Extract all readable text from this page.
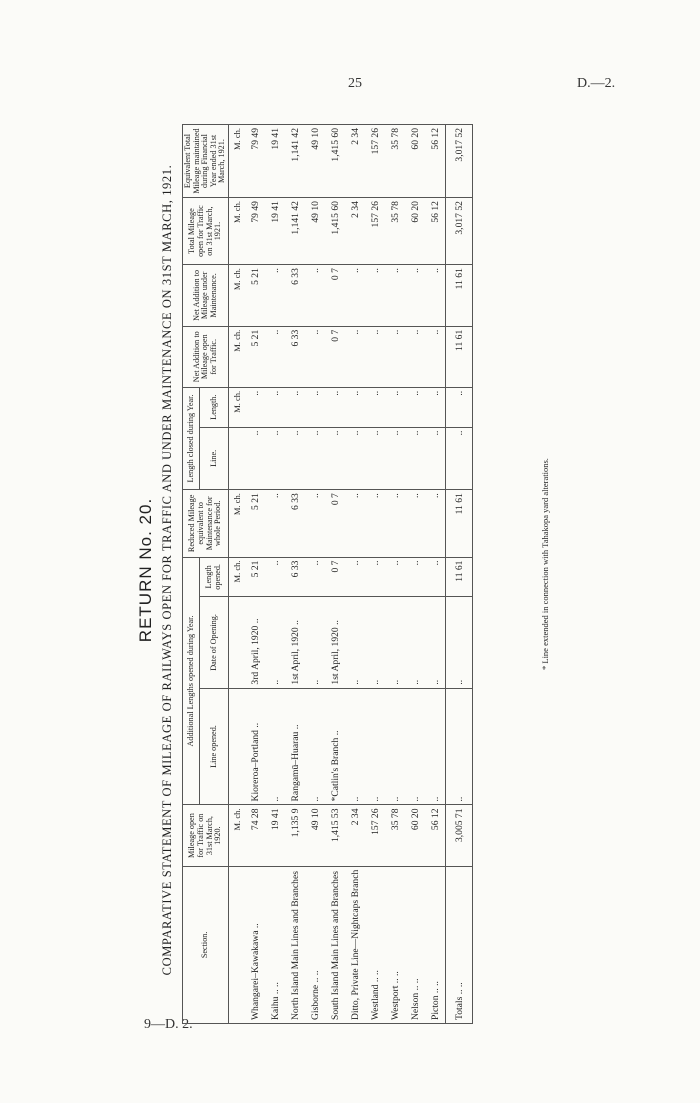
25	D.—2.
9—D. 2.
RETURN No. 20. COMPARATIVE STATEMENT OF MILEAGE OF RAILWAYS OPEN FOR TRAFFIC AND UNDER MAINTENANCE ON 31ST MARCH, 1921.	Section.	Mileage open for Traffic on 31st March, 1920.	Additional Lengths opened during Year.			Reduced Mileage equivalent to Maintenance for whole Period.	Length closed during Year.		Net Addition to Mileage open for Traffic.	Net Addition to Mileage under Maintenance.	Total Mileage open for Traffic on 31st March, 1921.	Equivalent Total Mileage maintained during Financial Year ended 31st March, 1921.
		Line opened.	Date of Opening.	Length opened.		Line.	Length.				
	M. ch.			M. ch.	M. ch.		M. ch.	M. ch.	M. ch.	M. ch.	M. ch.
Whangarei–Kawakawa ..	74 28	Kioreroa–Portland ..	3rd April, 1920 ..	5 21	5 21	..	..	5 21	5 21	79 49	79 49
Kaihu .. ..	19 41	..	..	..	..	..	..	..	..	19 41	19 41
North Island Main Lines and Branches	1,135 9	Rangamū–Huarau ..	1st April, 1920 ..	6 33	6 33	..	..	6 33	6 33	1,141 42	1,141 42
Gisborne .. ..	49 10	..	..	..	..	..	..	..	..	49 10	49 10
South Island Main Lines and Branches	1,415 53	*Catlin's Branch ..	1st April, 1920 ..	0 7	0 7	..	..	0 7	0 7	1,415 60	1,415 60
Ditto, Private Line—Nightcaps Branch	2 34	..	..	..	..	..	..	..	..	2 34	2 34
Westland .. ..	157 26	..	..	..	..	..	..	..	..	157 26	157 26
Westport .. ..	35 78	..	..	..	..	..	..	..	..	35 78	35 78
Nelson .. ..	60 20	..	..	..	..	..	..	..	..	60 20	60 20
Picton .. ..	56 12	..	..	..	..	..	..	..	..	56 12	56 12
Totals .. ..	3,005 71	..	..	11 61	11 61	..	..	11 61	11 61	3,017 52	3,017 52
* Line extended in connection with Tahakopa yard alterations.
